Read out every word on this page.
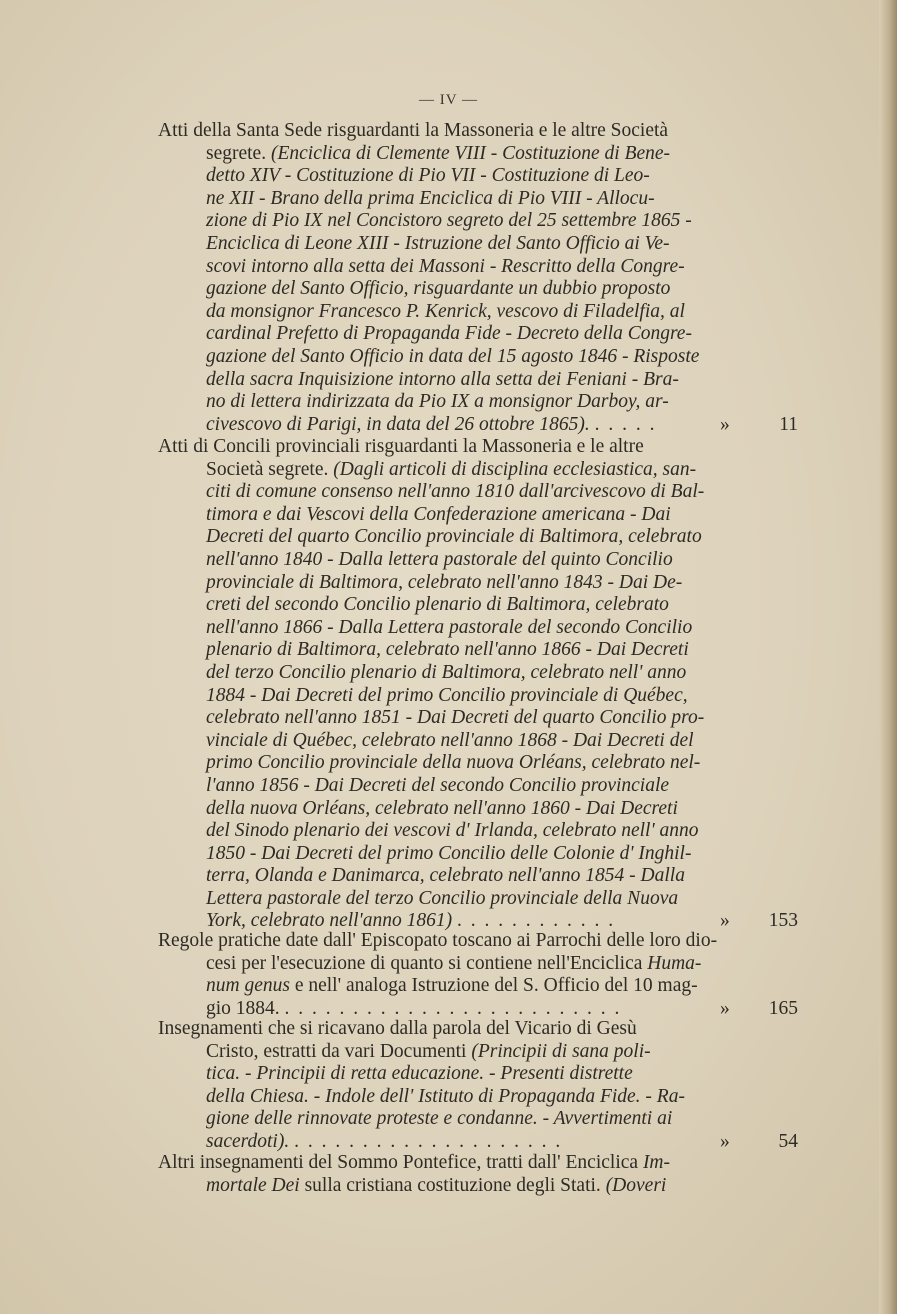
— IV —
Atti della Santa Sede risguardanti la Massoneria e le altre Società
segrete. (Enciclica di Clemente VIII - Costituzione di Bene-
detto XIV - Costituzione di Pio VII - Costituzione di Leo-
ne XII - Brano della prima Enciclica di Pio VIII - Allocu-
zione di Pio IX nel Concistoro segreto del 25 settembre 1865 -
Enciclica di Leone XIII - Istruzione del Santo Officio ai Ve-
scovi intorno alla setta dei Massoni - Rescritto della Congre-
gazione del Santo Officio, risguardante un dubbio proposto
da monsignor Francesco P. Kenrick, vescovo di Filadelfia, al
cardinal Prefetto di Propaganda Fide - Decreto della Congre-
gazione del Santo Officio in data del 15 agosto 1846 - Risposte
della sacra Inquisizione intorno alla setta dei Feniani - Bra-
no di lettera indirizzata da Pio IX a monsignor Darboy, ar-
civescovo di Parigi, in data del 26 ottobre 1865). . . . . .	»	11
Atti di Concili provinciali risguardanti la Massoneria e le altre
Società segrete. (Dagli articoli di disciplina ecclesiastica, san-
citi di comune consenso nell'anno 1810 dall'arcivescovo di Bal-
timora e dai Vescovi della Confederazione americana - Dai
Decreti del quarto Concilio provinciale di Baltimora, celebrato
nell'anno 1840 - Dalla lettera pastorale del quinto Concilio
provinciale di Baltimora, celebrato nell'anno 1843 - Dai De-
creti del secondo Concilio plenario di Baltimora, celebrato
nell'anno 1866 - Dalla Lettera pastorale del secondo Concilio
plenario di Baltimora, celebrato nell'anno 1866 - Dai Decreti
del terzo Concilio plenario di Baltimora, celebrato nell' anno
1884 - Dai Decreti del primo Concilio provinciale di Québec,
celebrato nell'anno 1851 - Dai Decreti del quarto Concilio pro-
vinciale di Québec, celebrato nell'anno 1868 - Dai Decreti del
primo Concilio provinciale della nuova Orléans, celebrato nel-
l'anno 1856 - Dai Decreti del secondo Concilio provinciale
della nuova Orléans, celebrato nell'anno 1860 - Dai Decreti
del Sinodo plenario dei vescovi d' Irlanda, celebrato nell' anno
1850 - Dai Decreti del primo Concilio delle Colonie d' Inghil-
terra, Olanda e Danimarca, celebrato nell'anno 1854 - Dalla
Lettera pastorale del terzo Concilio provinciale della Nuova
York, celebrato nell'anno 1861) . . . . . . . . . . . .	» 153
Regole pratiche date dall' Episcopato toscano ai Parrochi delle loro dio-
cesi per l'esecuzione di quanto si contiene nell'Enciclica Huma-
num genus e nell' analoga Istruzione del S. Officio del 10 mag-
gio 1884. . . . . . . . . . . . . . . . . . . . . . . . . .	» 165
Insegnamenti che si ricavano dalla parola del Vicario di Gesù
Cristo, estratti da vari Documenti (Principii di sana poli-
tica. - Principii di retta educazione. - Presenti distrette
della Chiesa. - Indole dell' Istituto di Propaganda Fide. - Ra-
gione delle rinnovate proteste e condanne. - Avvertimenti ai
sacerdoti). . . . . . . . . . . . . . . . . . . . .	»	54
Altri insegnamenti del Sommo Pontefice, tratti dall' Enciclica Im-
mortale Dei sulla cristiana costituzione degli Stati. (Doveri
